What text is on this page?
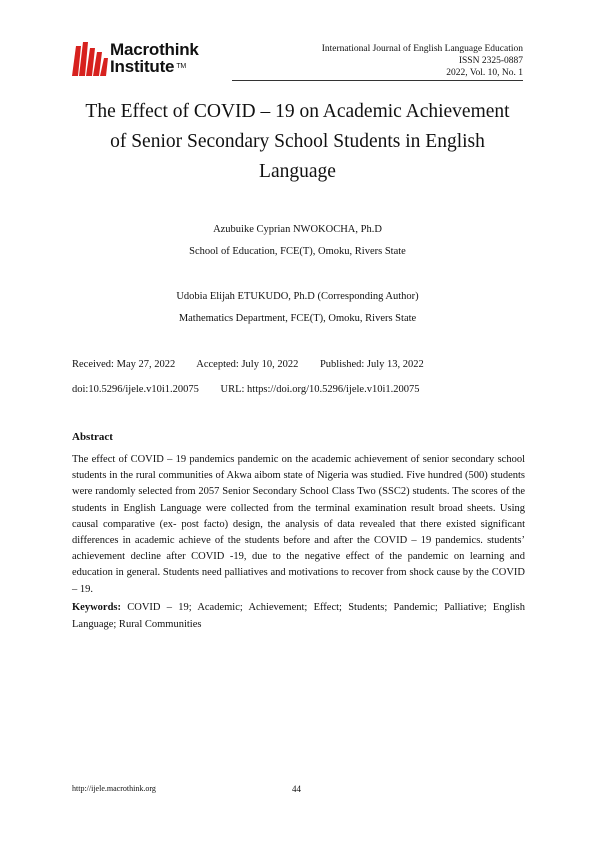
Macrothink
Institute ™
International Journal of English Language Education
ISSN 2325-0887
2022, Vol. 10, No. 1
The Effect of COVID – 19 on Academic Achievement
of Senior Secondary School Students in English
Language
Azubuike Cyprian NWOKOCHA, Ph.D
School of Education, FCE(T), Omoku, Rivers State
Udobia Elijah ETUKUDO, Ph.D (Corresponding Author)
Mathematics Department, FCE(T), Omoku, Rivers State
Received: May 27, 2022 Accepted: July 10, 2022 Published: July 13, 2022
doi:10.5296/ijele.v10i1.20075 URL: https://doi.org/10.5296/ijele.v10i1.20075
Abstract
The effect of COVID – 19 pandemics pandemic on the academic achievement of senior secondary school students in the rural communities of Akwa aibom state of Nigeria was studied. Five hundred (500) students were randomly selected from 2057 Senior Secondary School Class Two (SSC2) students. The scores of the students in English Language were collected from the terminal examination result broad sheets. Using causal comparative (ex- post facto) design, the analysis of data revealed that there existed significant differences in academic achieve of the students before and after the COVID – 19 pandemics. students’ achievement decline after COVID -19, due to the negative effect of the pandemic on learning and education in general. Students need palliatives and motivations to recover from shock cause by the COVID – 19.
Keywords: COVID – 19; Academic; Achievement; Effect; Students; Pandemic; Palliative; English Language; Rural Communities
http://ijele.macrothink.org	44
